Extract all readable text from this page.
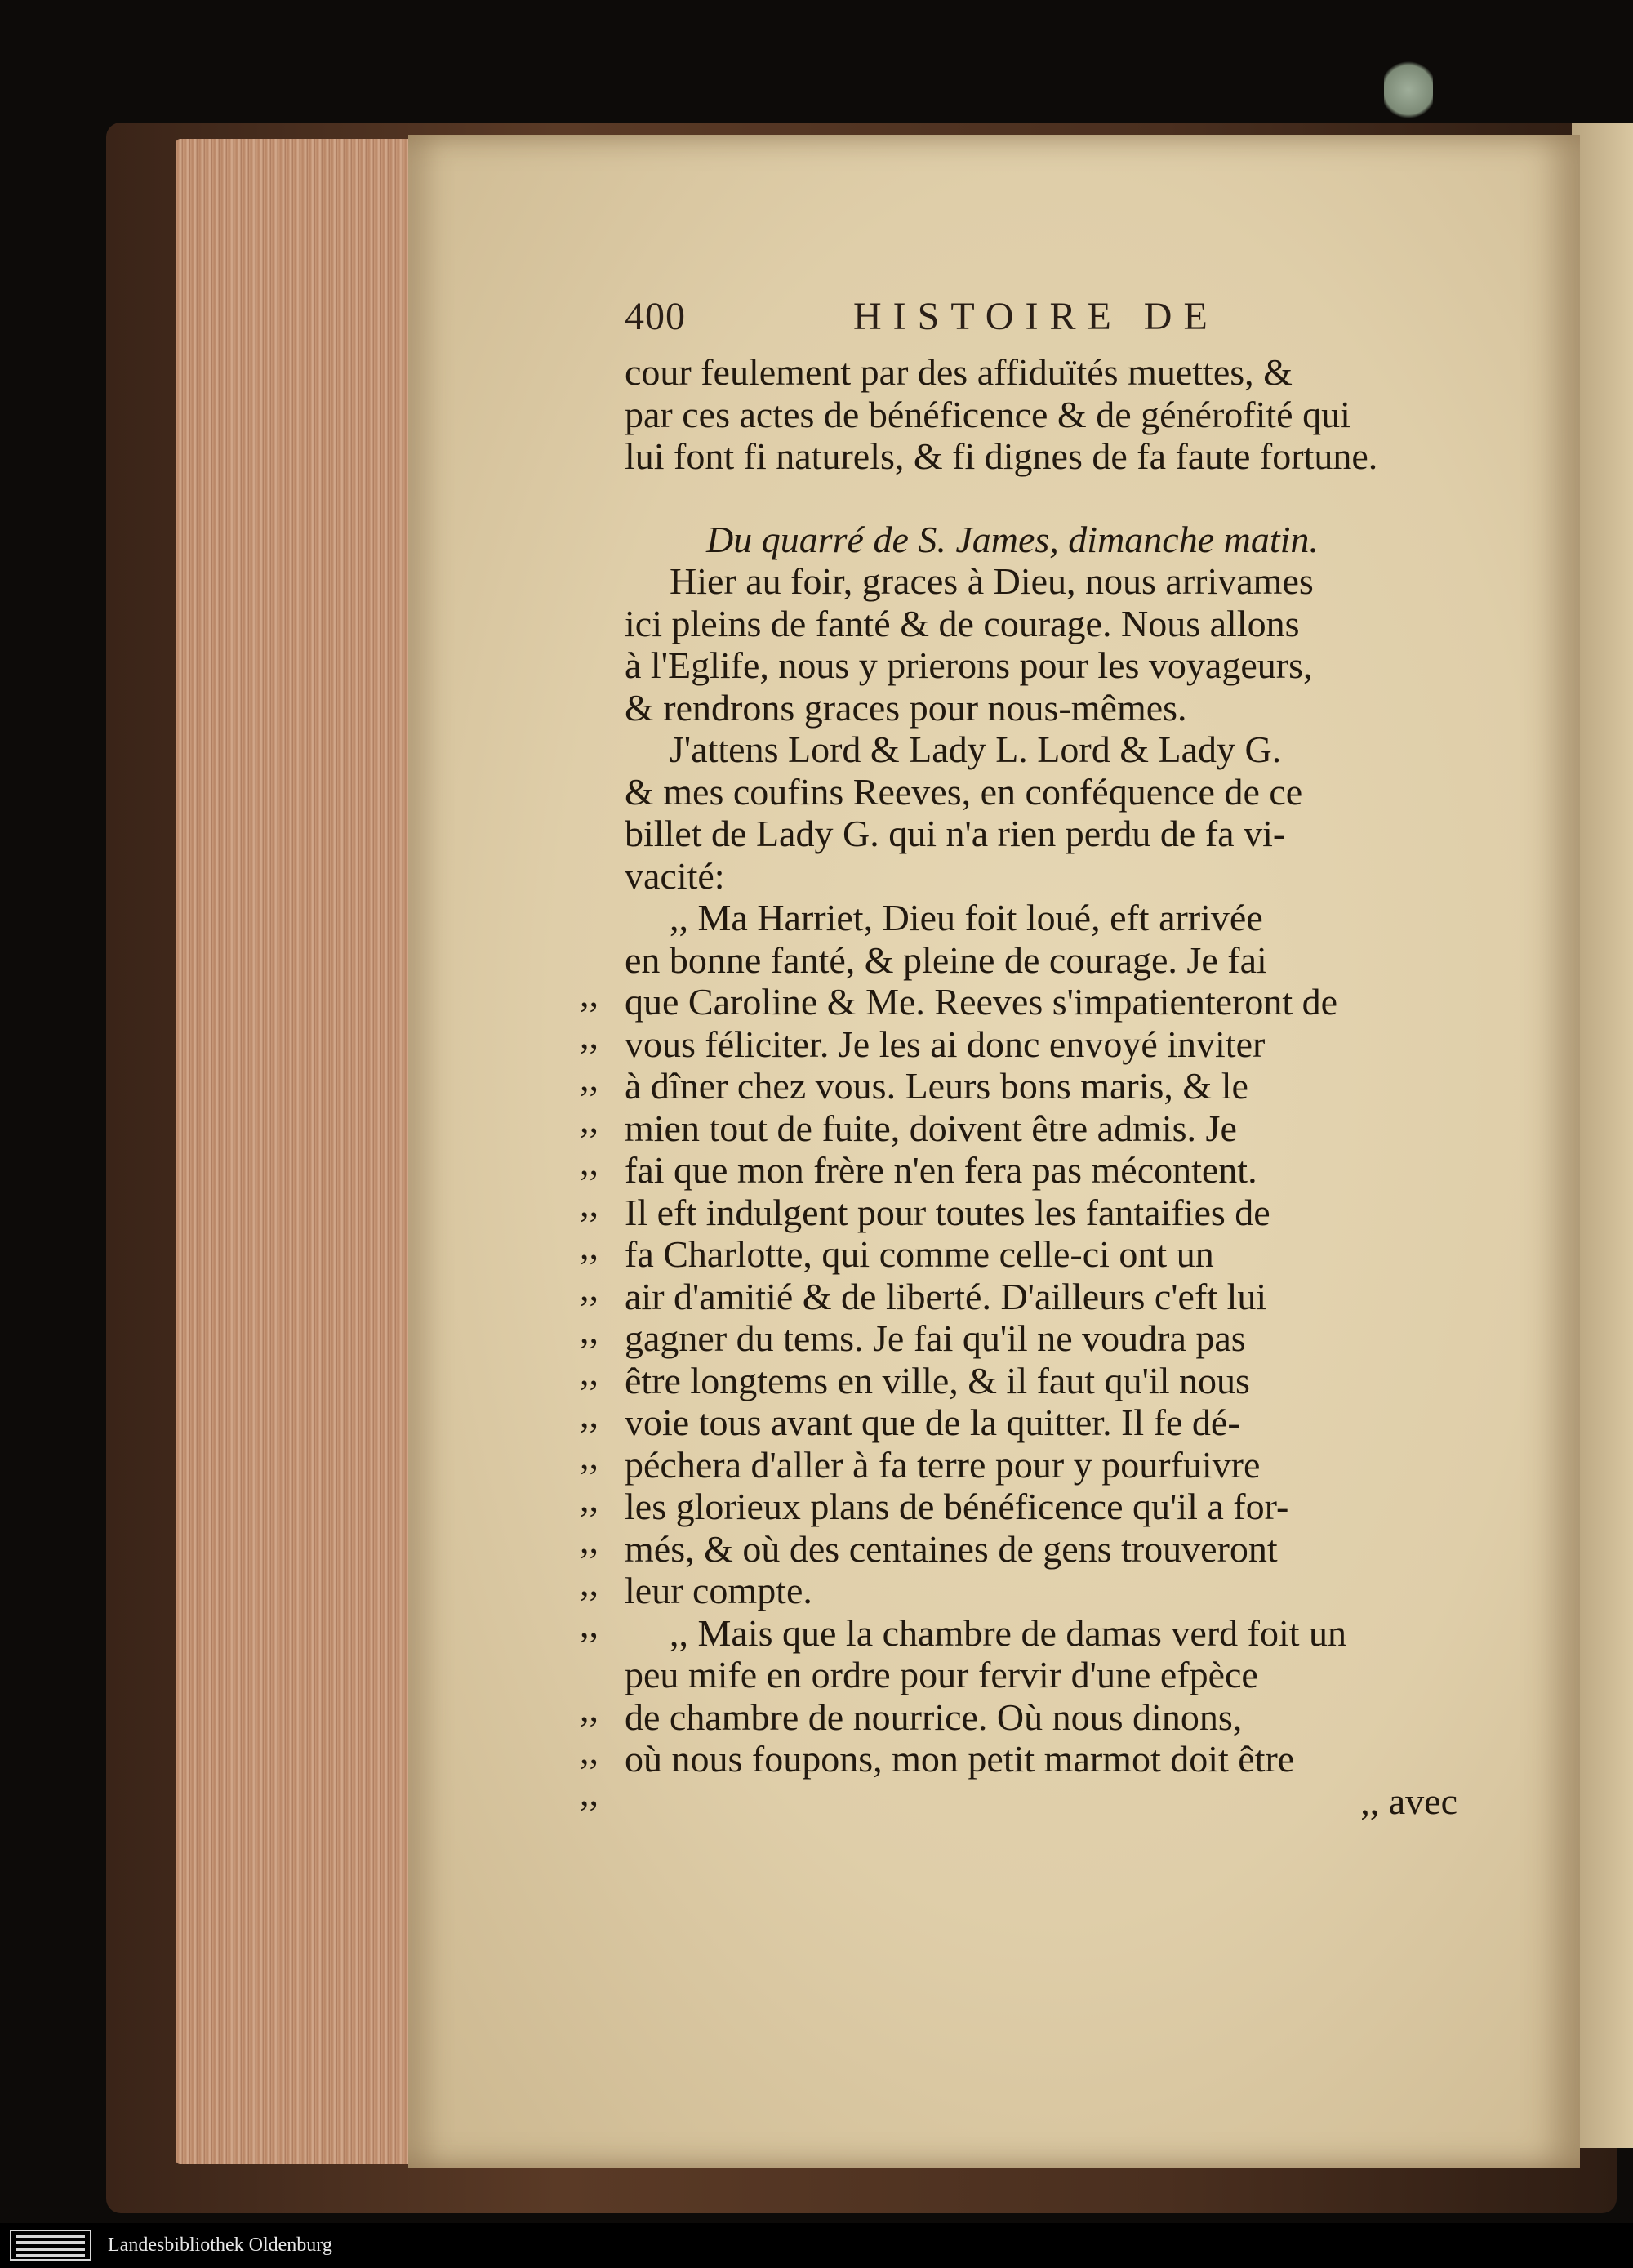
400	HISTOIRE DE
cour feulement par des affiduïtés muettes, &
par ces actes de bénéficence & de générofité qui
lui font fi naturels, & fi dignes de fa faute fortune.
Du quarré de S. James, dimanche matin.
Hier au foir, graces à Dieu, nous arrivames
ici pleins de fanté & de courage. Nous allons
à l'Eglife, nous y prierons pour les voyageurs,
& rendrons graces pour nous-mêmes.
J'attens Lord & Lady L. Lord & Lady G.
& mes coufins Reeves, en conféquence de ce
billet de Lady G. qui n'a rien perdu de fa vi-
vacité:
,, Ma Harriet, Dieu foit loué, eft arrivée
,,
en bonne fanté, & pleine de courage. Je fai
,,
que Caroline & Me. Reeves s'impatienteront de
,,
vous féliciter. Je les ai donc envoyé inviter
,,
à dîner chez vous. Leurs bons maris, & le
,,
mien tout de fuite, doivent être admis. Je
,,
fai que mon frère n'en fera pas mécontent.
,,
Il eft indulgent pour toutes les fantaifies de
,,
fa Charlotte, qui comme celle-ci ont un
,,
air d'amitié & de liberté. D'ailleurs c'eft lui
,,
gagner du tems. Je fai qu'il ne voudra pas
,,
être longtems en ville, & il faut qu'il nous
,,
voie tous avant que de la quitter. Il fe dé-
,,
péchera d'aller à fa terre pour y pourfuivre
,,
les glorieux plans de bénéficence qu'il a for-
,,
més, & où des centaines de gens trouveront
,,
leur compte.
,, Mais que la chambre de damas verd foit un
,,
peu mife en ordre pour fervir d'une efpèce
,,
de chambre de nourrice. Où nous dinons,
,,
où nous foupons, mon petit marmot doit être
,, avec
Landesbibliothek Oldenburg
